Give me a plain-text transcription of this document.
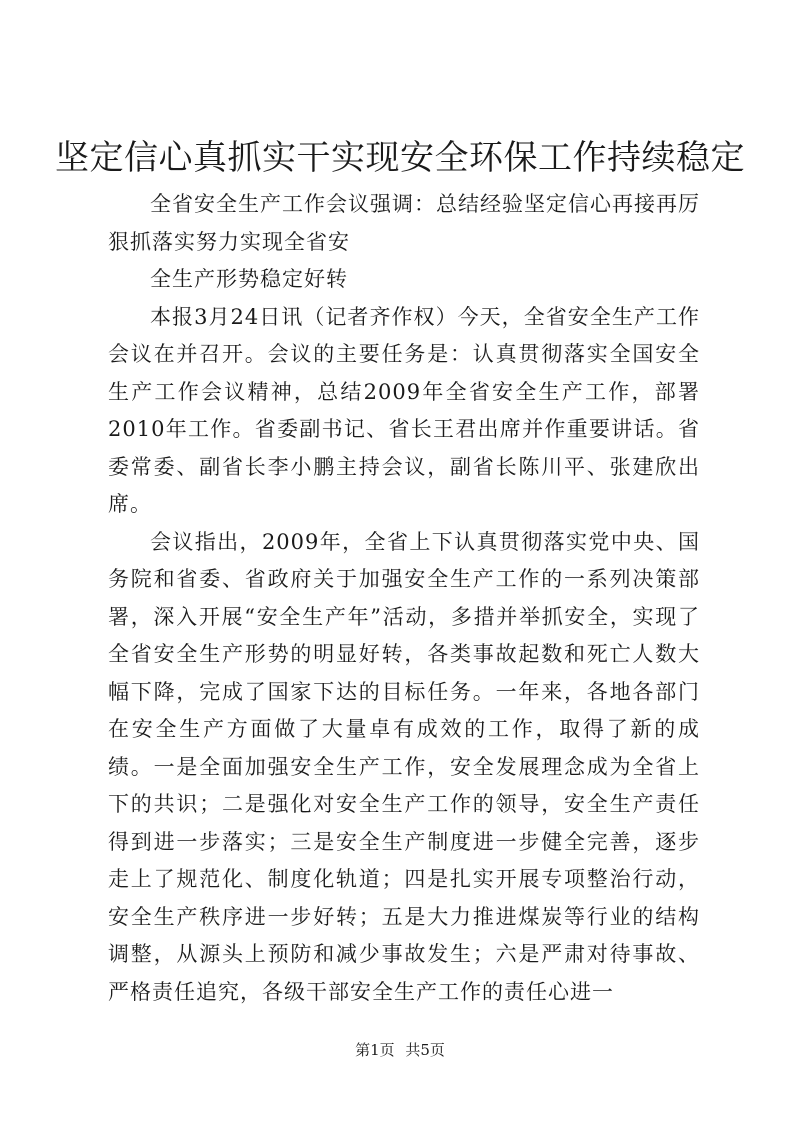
坚定信心真抓实干实现安全环保工作持续稳定

全省安全生产工作会议强调：总结经验坚定信心再接再厉狠抓落实努力实现全省安

全生产形势稳定好转

本报3月24日讯（记者齐作权）今天，全省安全生产工作会议在并召开。会议的主要任务是：认真贯彻落实全国安全生产工作会议精神，总结2009年全省安全生产工作，部署2010年工作。省委副书记、省长王君出席并作重要讲话。省委常委、副省长李小鹏主持会议，副省长陈川平、张建欣出席。

会议指出，2009年，全省上下认真贯彻落实党中央、国务院和省委、省政府关于加强安全生产工作的一系列决策部署，深入开展“安全生产年”活动，多措并举抓安全，实现了全省安全生产形势的明显好转，各类事故起数和死亡人数大幅下降，完成了国家下达的目标任务。一年来，各地各部门在安全生产方面做了大量卓有成效的工作，取得了新的成绩。一是全面加强安全生产工作，安全发展理念成为全省上下的共识；二是强化对安全生产工作的领导，安全生产责任得到进一步落实；三是安全生产制度进一步健全完善，逐步走上了规范化、制度化轨道；四是扎实开展专项整治行动，安全生产秩序进一步好转；五是大力推进煤炭等行业的结构调整，从源头上预防和减少事故发生；六是严肃对待事故、严格责任追究，各级干部安全生产工作的责任心进一

第1页 共5页
